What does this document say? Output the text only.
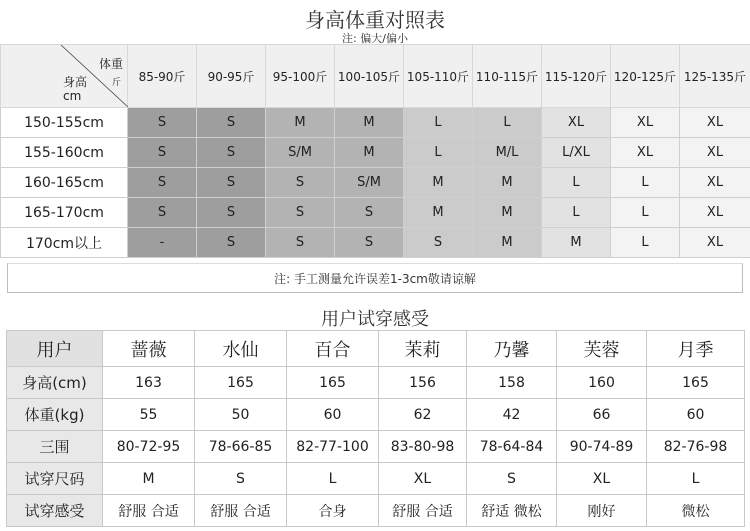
身高体重对照表
注: 偏大/偏小
体重
斤
身高
cm	85-90斤	90-95斤	95-100斤	100-105斤	105-110斤	110-115斤	115-120斤	120-125斤	125-135斤
150-155cm	S	S	M	M	L	L	XL	XL	XL
155-160cm	S	S	S/M	M	L	M/L	L/XL	XL	XL
160-165cm	S	S	S	S/M	M	M	L	L	XL
165-170cm	S	S	S	S	M	M	L	L	XL
170cm以上	-	S	S	S	S	M	M	L	XL
注: 手工测量允许误差1-3cm敬请谅解
用户试穿感受
用户	蔷薇	水仙	百合	茉莉	乃馨	芙蓉	月季
身高(cm)	163	165	165	156	158	160	165
体重(kg)	55	50	60	62	42	66	60
三围	80-72-95	78-66-85	82-77-100	83-80-98	78-64-84	90-74-89	82-76-98
试穿尺码	M	S	L	XL	S	XL	L
试穿感受	舒服 合适	舒服 合适	合身	舒服 合适	舒适 微松	刚好	微松
